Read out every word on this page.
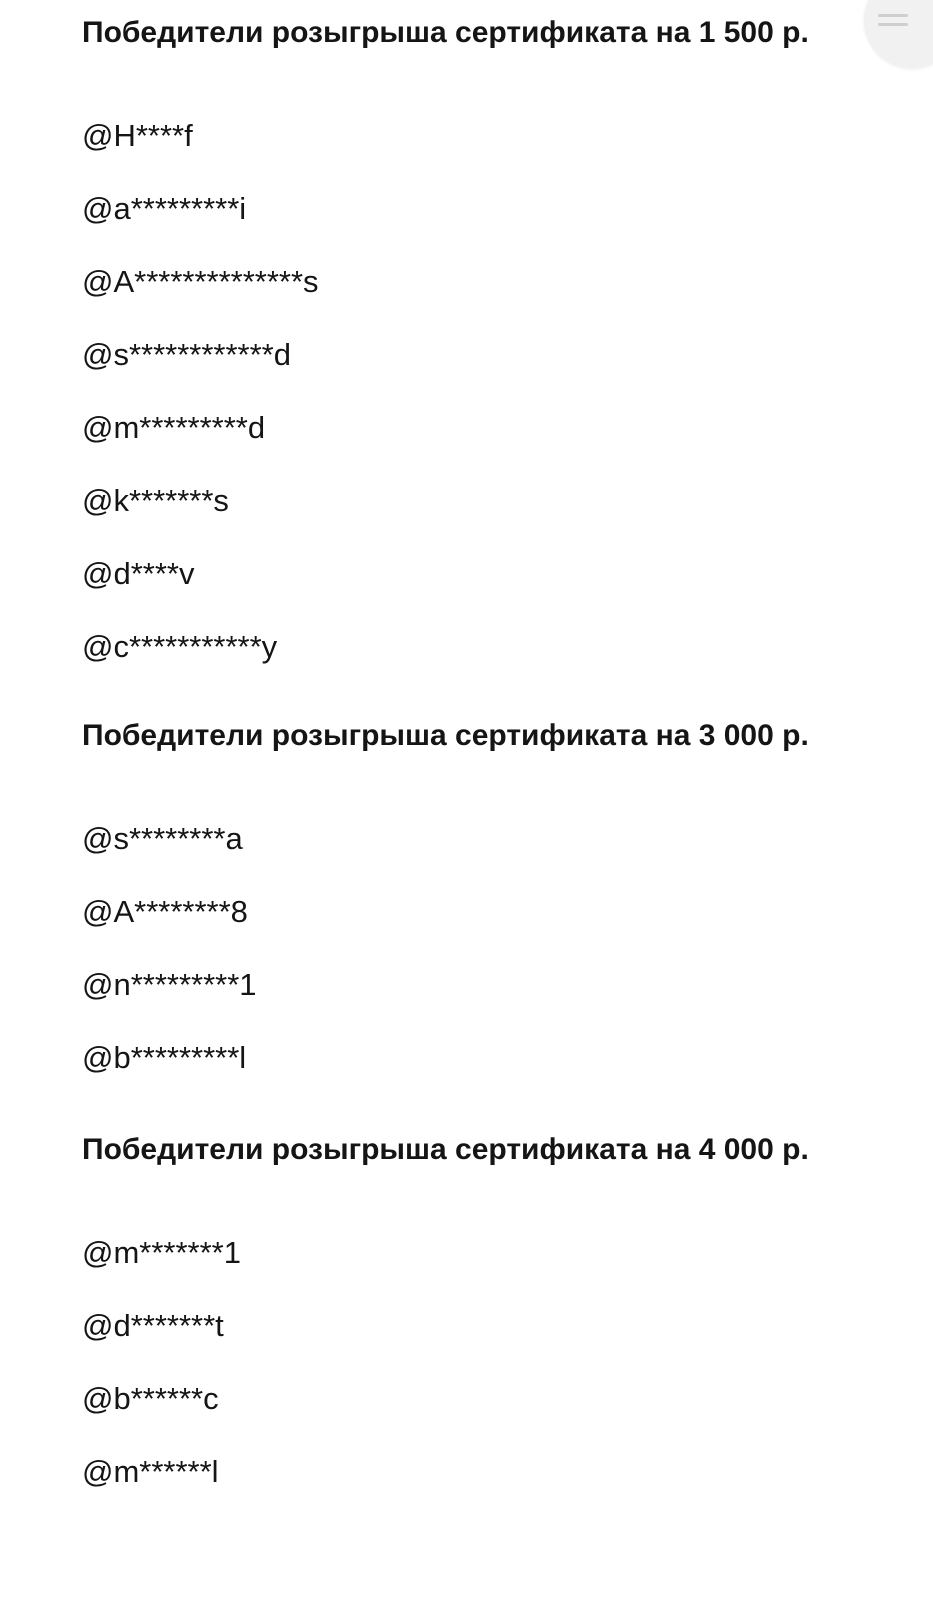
Победители розыгрыша сертификата на 1 500 р.
@H****f
@a*********i
@A**************s
@s************d
@m*********d
@k*******s
@d****v
@c***********y
Победители розыгрыша сертификата на 3 000 р.
@s********a
@A********8
@n*********1
@b*********l
Победители розыгрыша сертификата на 4 000 р.
@m*******1
@d*******t
@b******c
@m******l
